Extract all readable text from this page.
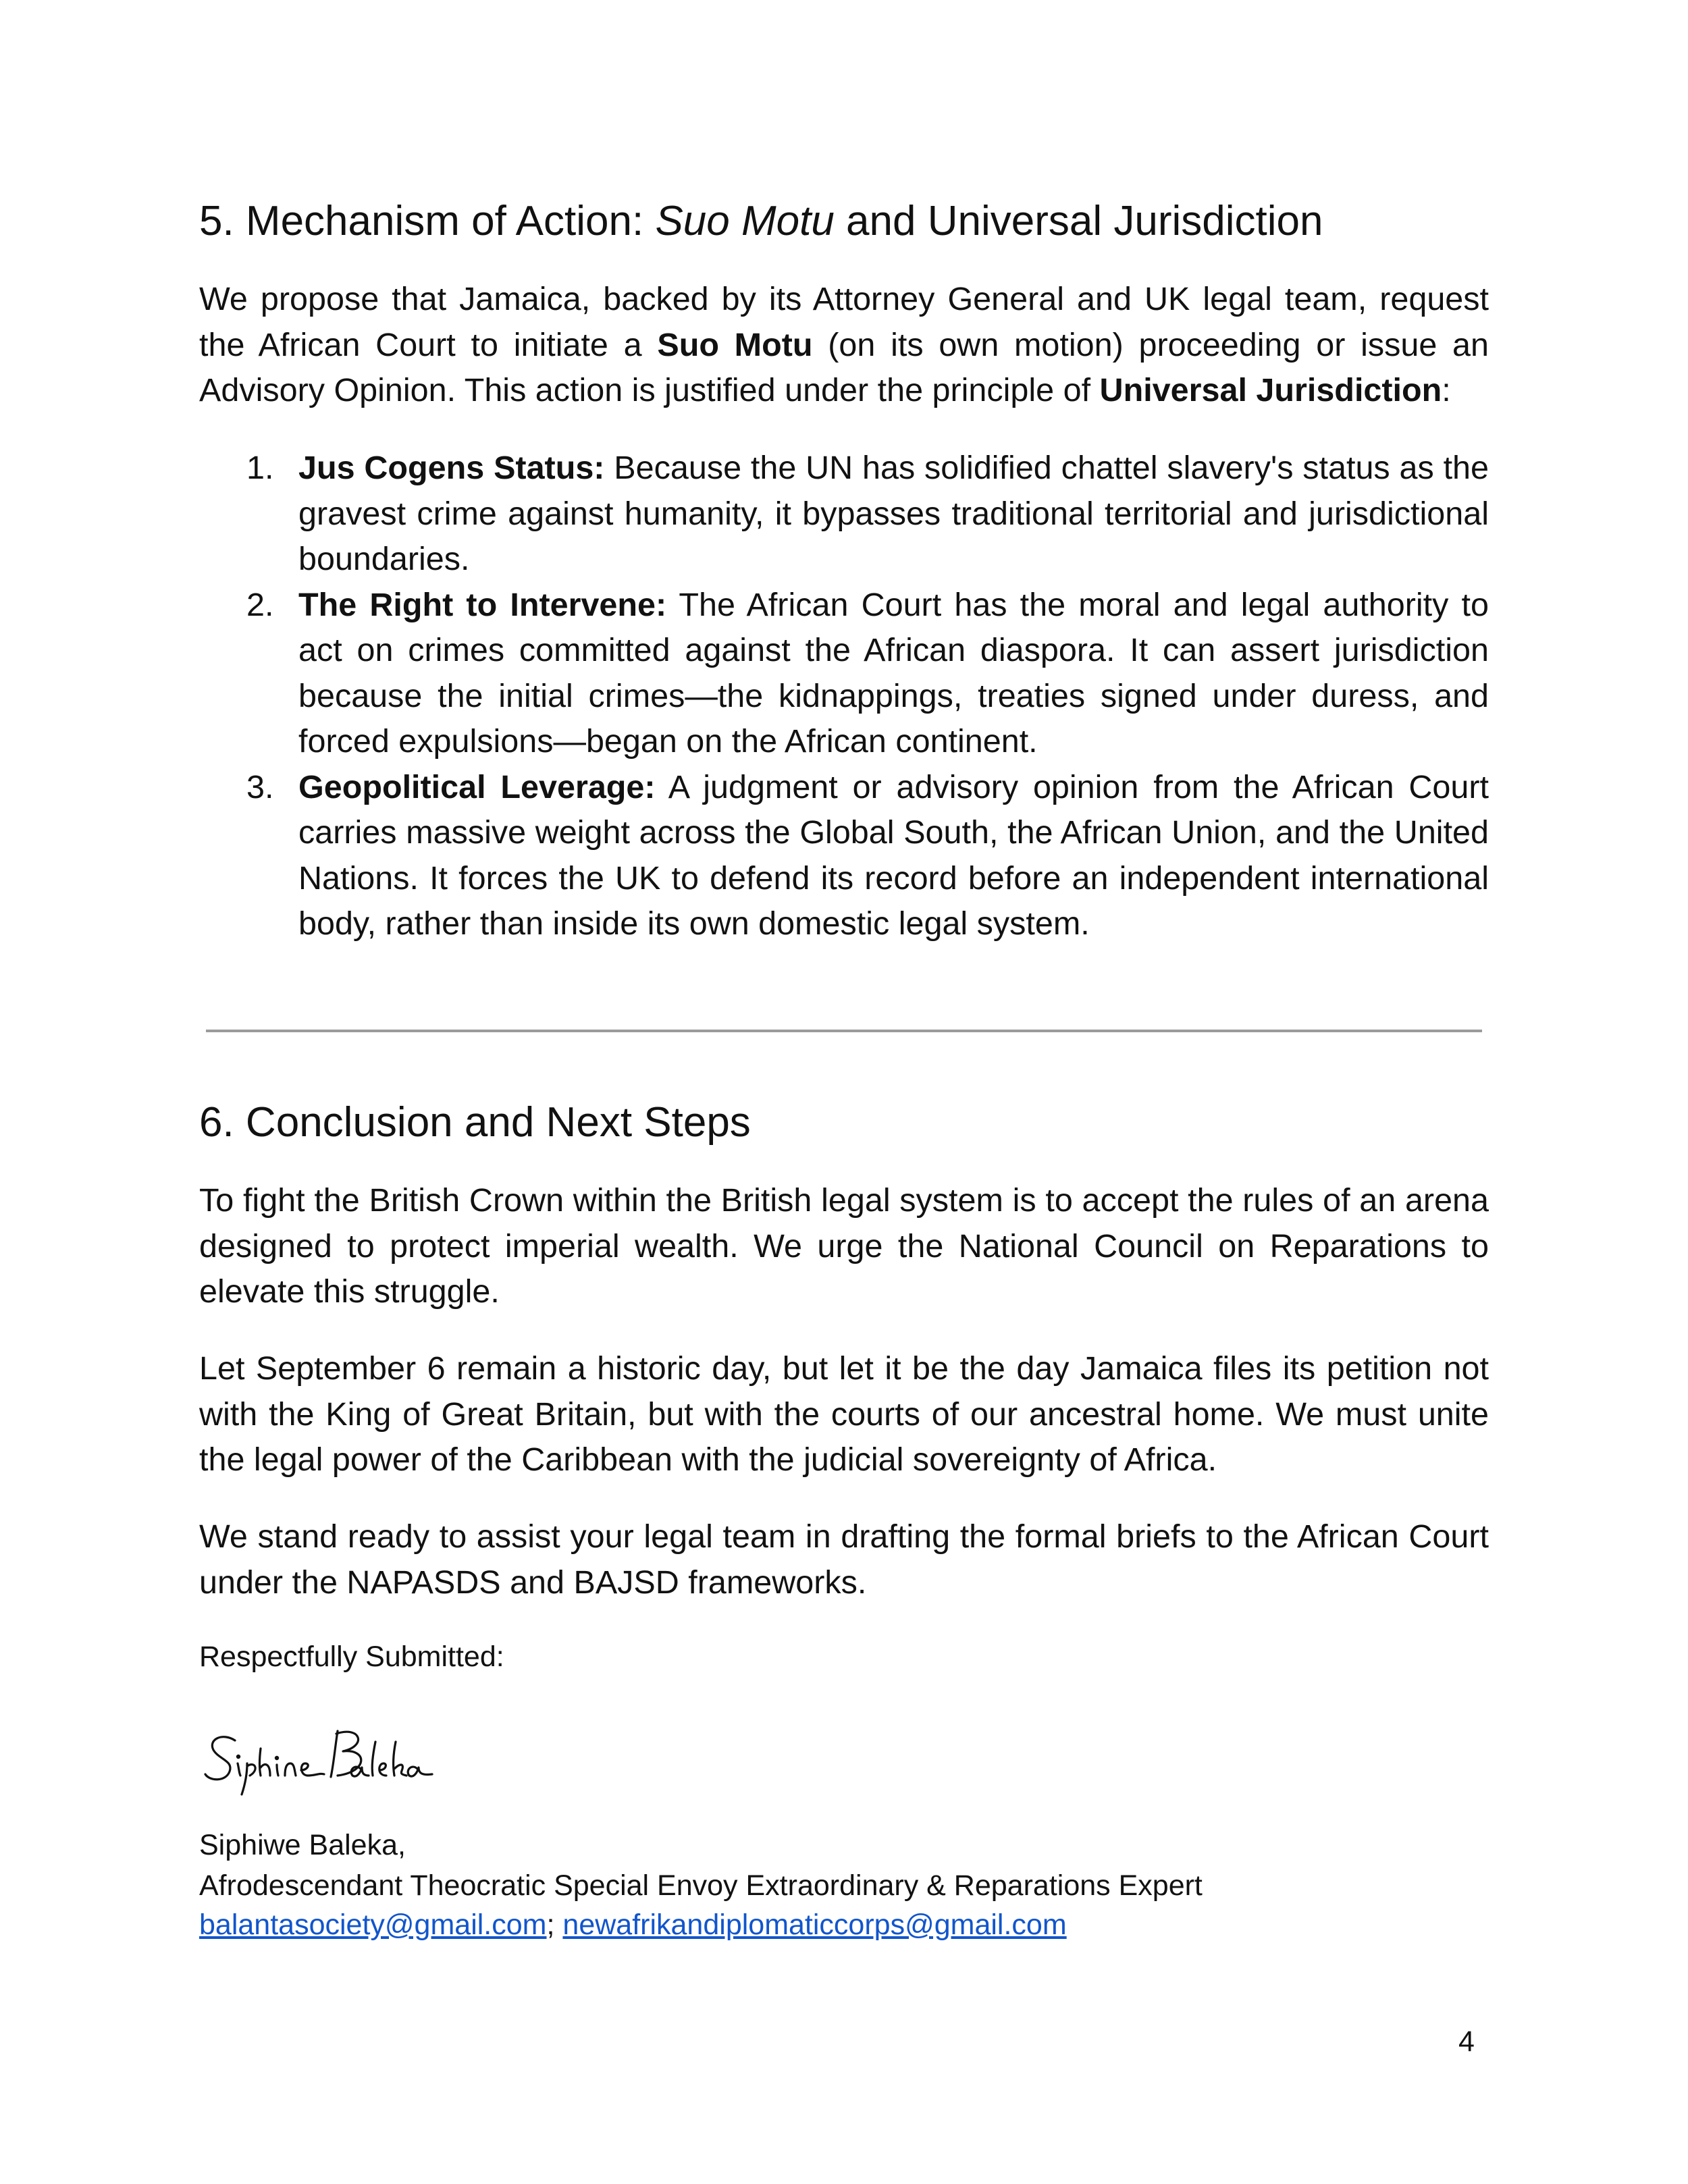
5. Mechanism of Action: Suo Motu and Universal Jurisdiction

We propose that Jamaica, backed by its Attorney General and UK legal team, request the African Court to initiate a Suo Motu (on its own motion) proceeding or issue an Advisory Opinion. This action is justified under the principle of Universal Jurisdiction:

1. Jus Cogens Status: Because the UN has solidified chattel slavery's status as the gravest crime against humanity, it bypasses traditional territorial and jurisdictional boundaries.
2. The Right to Intervene: The African Court has the moral and legal authority to act on crimes committed against the African diaspora. It can assert jurisdiction because the initial crimes—the kidnappings, treaties signed under duress, and forced expulsions—began on the African continent.
3. Geopolitical Leverage: A judgment or advisory opinion from the African Court carries massive weight across the Global South, the African Union, and the United Nations. It forces the UK to defend its record before an independent international body, rather than inside its own domestic legal system.
6. Conclusion and Next Steps

To fight the British Crown within the British legal system is to accept the rules of an arena designed to protect imperial wealth. We urge the National Council on Reparations to elevate this struggle.

Let September 6 remain a historic day, but let it be the day Jamaica files its petition not with the King of Great Britain, but with the courts of our ancestral home. We must unite the legal power of the Caribbean with the judicial sovereignty of Africa.

We stand ready to assist your legal team in drafting the formal briefs to the African Court under the NAPASDS and BAJSD frameworks.

Respectfully Submitted:
Siphiwe Baleka,
Afrodescendant Theocratic Special Envoy Extraordinary & Reparations Expert
balantasociety@gmail.com; newafrikandiplomaticcorps@gmail.com
4
